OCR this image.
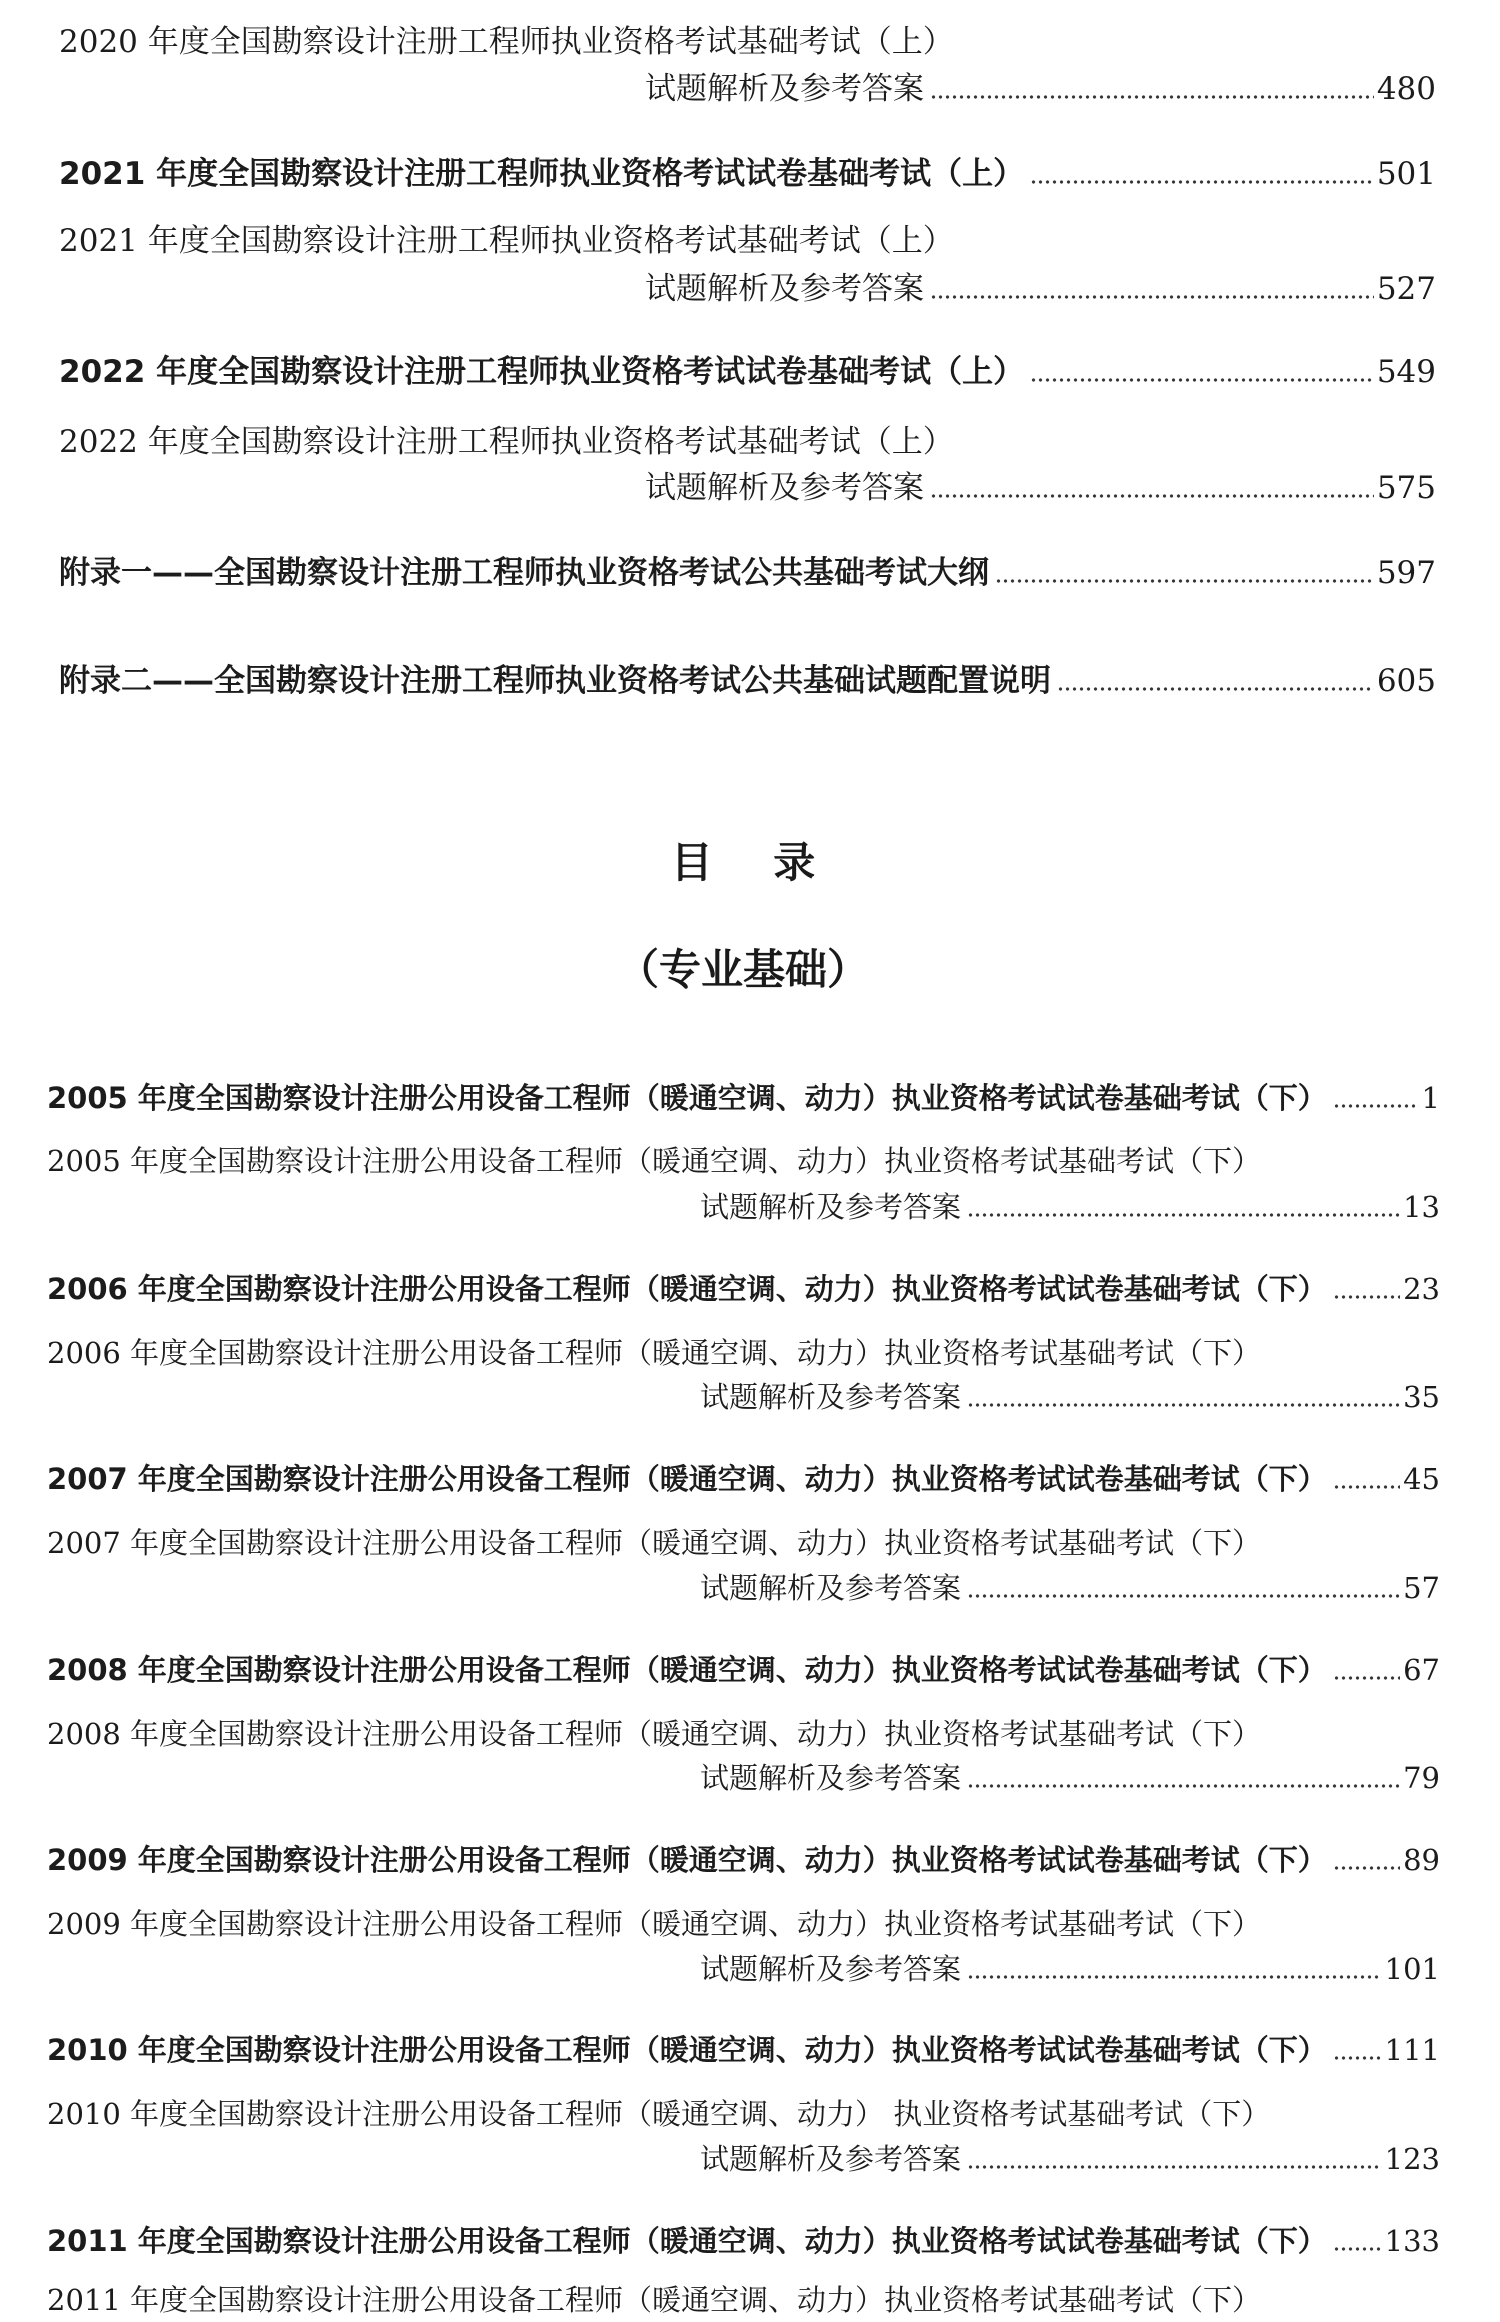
2020 年度全国勘察设计注册工程师执业资格考试基础考试（上）
试题解析及参考答案	480
2021 年度全国勘察设计注册工程师执业资格考试试卷基础考试（上）	501
2021 年度全国勘察设计注册工程师执业资格考试基础考试（上）
试题解析及参考答案	527
2022 年度全国勘察设计注册工程师执业资格考试试卷基础考试（上）	549
2022 年度全国勘察设计注册工程师执业资格考试基础考试（上）
试题解析及参考答案	575
附录一——全国勘察设计注册工程师执业资格考试公共基础考试大纲	597
附录二——全国勘察设计注册工程师执业资格考试公共基础试题配置说明	605
目 录
（专业基础）
2005 年度全国勘察设计注册公用设备工程师（暖通空调、动力）执业资格考试试卷基础考试（下）	1
2005 年度全国勘察设计注册公用设备工程师（暖通空调、动力）执业资格考试基础考试（下）
试题解析及参考答案	13
2006 年度全国勘察设计注册公用设备工程师（暖通空调、动力）执业资格考试试卷基础考试（下）	23
2006 年度全国勘察设计注册公用设备工程师（暖通空调、动力）执业资格考试基础考试（下）
试题解析及参考答案	35
2007 年度全国勘察设计注册公用设备工程师（暖通空调、动力）执业资格考试试卷基础考试（下）	45
2007 年度全国勘察设计注册公用设备工程师（暖通空调、动力）执业资格考试基础考试（下）
试题解析及参考答案	57
2008 年度全国勘察设计注册公用设备工程师（暖通空调、动力）执业资格考试试卷基础考试（下）	67
2008 年度全国勘察设计注册公用设备工程师（暖通空调、动力）执业资格考试基础考试（下）
试题解析及参考答案	79
2009 年度全国勘察设计注册公用设备工程师（暖通空调、动力）执业资格考试试卷基础考试（下）	89
2009 年度全国勘察设计注册公用设备工程师（暖通空调、动力）执业资格考试基础考试（下）
试题解析及参考答案	101
2010 年度全国勘察设计注册公用设备工程师（暖通空调、动力）执业资格考试试卷基础考试（下） 111
2010 年度全国勘察设计注册公用设备工程师（暖通空调、动力） 执业资格考试基础考试（下）
试题解析及参考答案	123
2011 年度全国勘察设计注册公用设备工程师（暖通空调、动力）执业资格考试试卷基础考试（下） 133
2011 年度全国勘察设计注册公用设备工程师（暖通空调、动力）执业资格考试基础考试（下）
